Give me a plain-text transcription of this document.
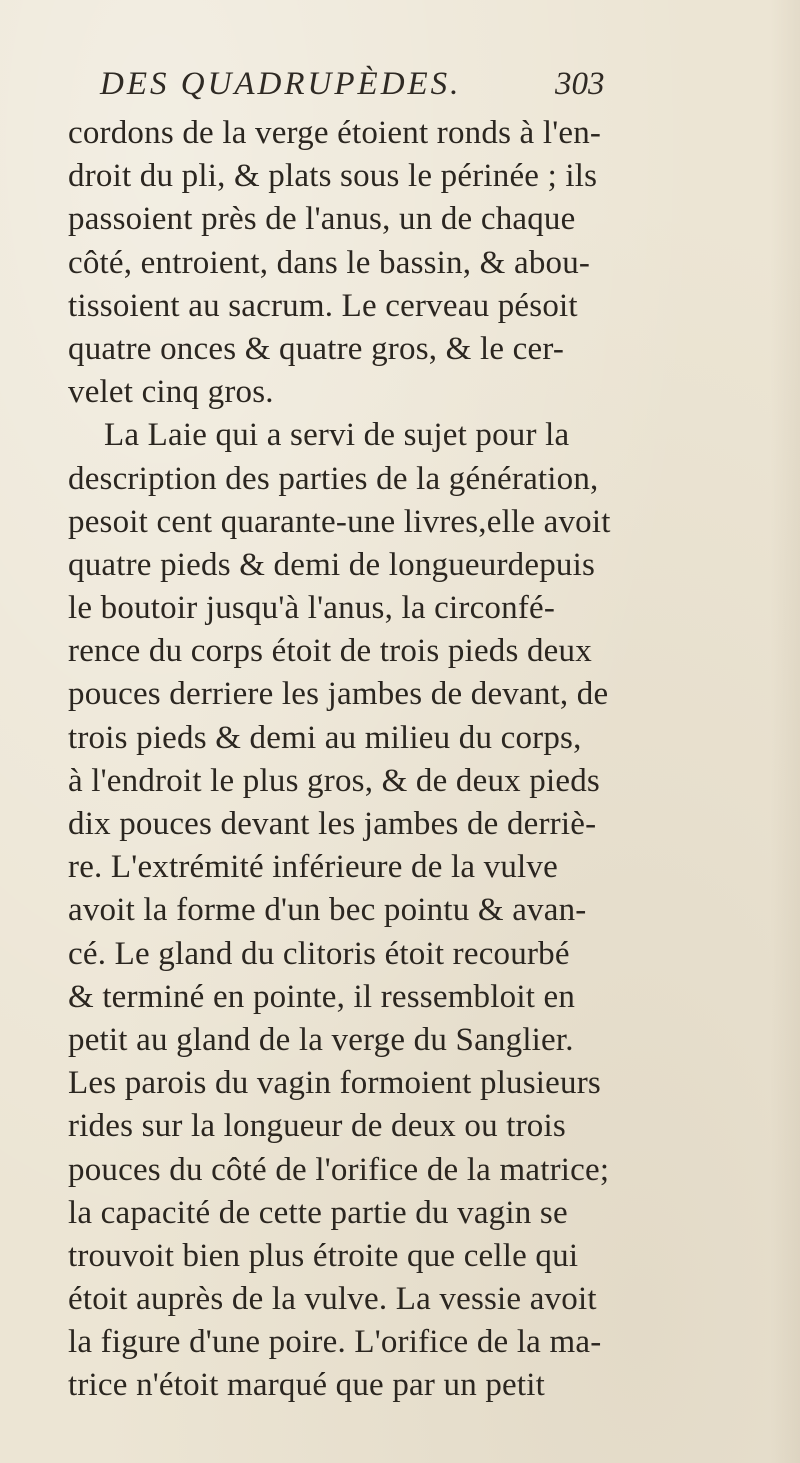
DES QUADRUPÈDES.	303
cordons de la verge étoient ronds à l'en-
droit du pli, & plats sous le périnée ; ils
passoient près de l'anus, un de chaque
côté, entroient, dans le bassin, & abou-
tissoient au sacrum. Le cerveau pésoit
quatre onces & quatre gros, & le cer-
velet cinq gros.
La Laie qui a servi de sujet pour la
description des parties de la génération,
pesoit cent quarante-une livres,elle avoit
quatre pieds & demi de longueurdepuis
le boutoir jusqu'à l'anus, la circonfé-
rence du corps étoit de trois pieds deux
pouces derriere les jambes de devant, de
trois pieds & demi au milieu du corps,
à l'endroit le plus gros, & de deux pieds
dix pouces devant les jambes de derriè-
re. L'extrémité inférieure de la vulve
avoit la forme d'un bec pointu & avan-
cé. Le gland du clitoris étoit recourbé
& terminé en pointe, il ressembloit en
petit au gland de la verge du Sanglier.
Les parois du vagin formoient plusieurs
rides sur la longueur de deux ou trois
pouces du côté de l'orifice de la matrice;
la capacité de cette partie du vagin se
trouvoit bien plus étroite que celle qui
étoit auprès de la vulve. La vessie avoit
la figure d'une poire. L'orifice de la ma-
trice n'étoit marqué que par un petit
